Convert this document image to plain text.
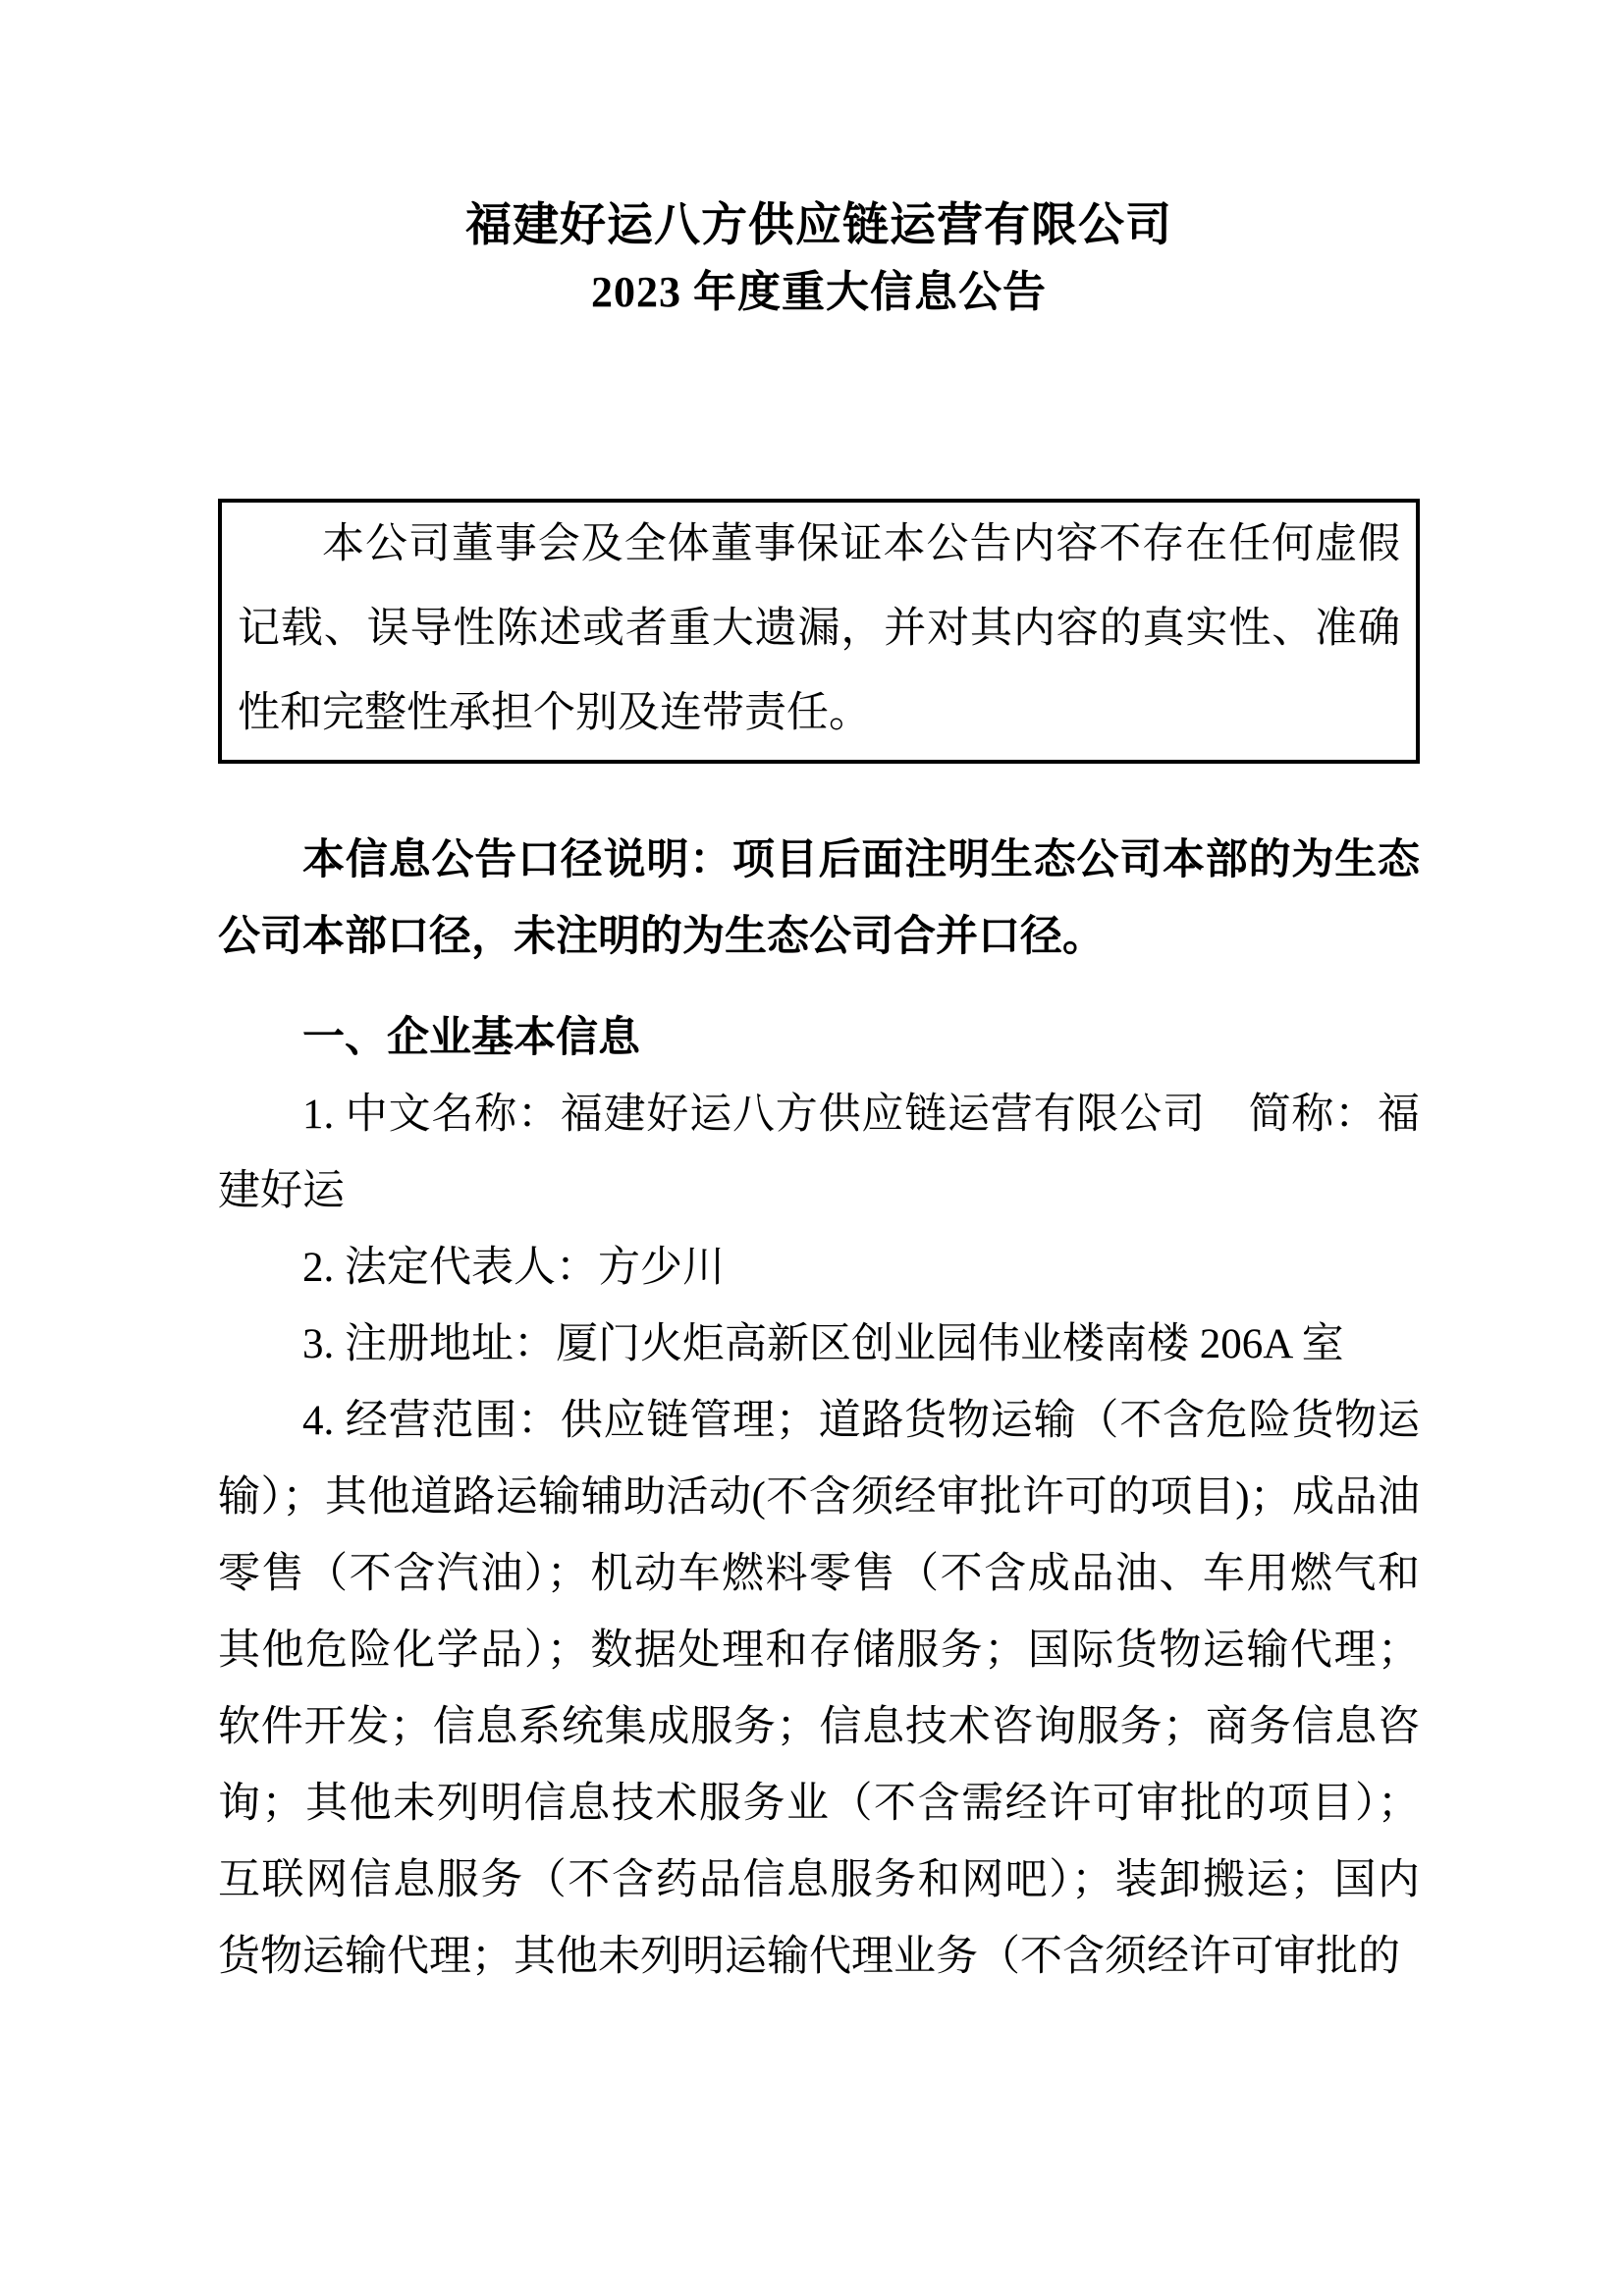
福建好运八方供应链运营有限公司
2023 年度重大信息公告

本公司董事会及全体董事保证本公告内容不存在任何虚假记载、误导性陈述或者重大遗漏，并对其内容的真实性、准确性和完整性承担个别及连带责任。

本信息公告口径说明：项目后面注明生态公司本部的为生态公司本部口径，未注明的为生态公司合并口径。

一、企业基本信息

1. 中文名称：福建好运八方供应链运营有限公司　简称：福建好运

2. 法定代表人：方少川

3. 注册地址：厦门火炬高新区创业园伟业楼南楼 206A 室

4. 经营范围：供应链管理；道路货物运输（不含危险货物运输）；其他道路运输辅助活动(不含须经审批许可的项目)；成品油零售（不含汽油）；机动车燃料零售（不含成品油、车用燃气和其他危险化学品）；数据处理和存储服务；国际货物运输代理；软件开发；信息系统集成服务；信息技术咨询服务；商务信息咨询；其他未列明信息技术服务业（不含需经许可审批的项目）；互联网信息服务（不含药品信息服务和网吧）；装卸搬运；国内货物运输代理；其他未列明运输代理业务（不含须经许可审批的
